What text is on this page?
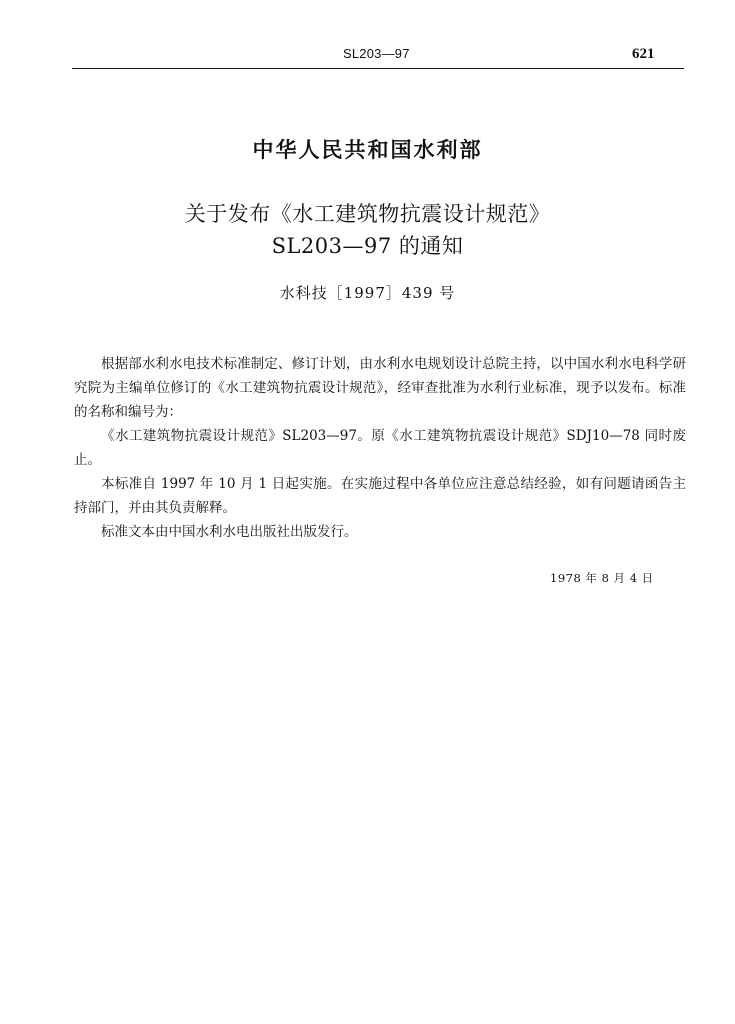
SL203—97	621
中华人民共和国水利部
关于发布《水工建筑物抗震设计规范》
SL203—97 的通知
水科技［1997］439 号

根据部水利水电技术标准制定、修订计划，由水利水电规划设计总院主持，以中国水利水电科学研究院为主编单位修订的《水工建筑物抗震设计规范》，经审查批准为水利行业标准，现予以发布。标准的名称和编号为：

《水工建筑物抗震设计规范》SL203—97。原《水工建筑物抗震设计规范》SDJ10—78 同时废止。

本标准自 1997 年 10 月 1 日起实施。在实施过程中各单位应注意总结经验，如有问题请函告主持部门，并由其负责解释。

标准文本由中国水利水电出版社出版发行。

1978 年 8 月 4 日
